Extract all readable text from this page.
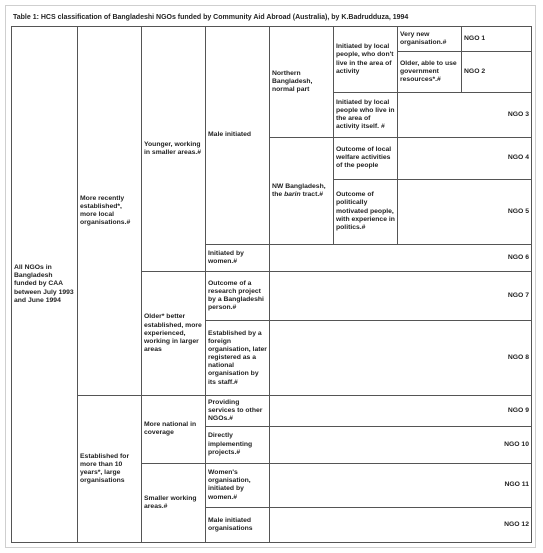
Table 1: HCS classification of Bangladeshi NGOs funded by Community Aid Abroad (Australia), by K.Badrudduza, 1994
All NGOs in Bangladesh funded by CAA between July 1993 and June 1994	More recently established*, more local organisations.#	Younger, working in smaller areas.#	Male initiated	Northern Bangladesh, normal part	Initiated by local people, who don't live in the area of activity	Very new organisation.#	NGO 1
						Older, able to use government resources*.#	NGO 2
					Initiated by local people who live in the area of activity itself. #	NGO 3	
				NW Bangladesh, the barin tract.#	Outcome of local welfare activities of the people	NGO 4	
					Outcome of politically motivated people, with experience in politics.#	NGO 5	
			Initiated by women.#	NGO 6			
		Older* better established, more experienced, working in larger areas	Outcome of a research project by a Bangladeshi person.#	NGO 7			
			Established by a foreign organisation, later registered as a national organisation by its staff.#	NGO 8			
	Established for more than 10 years*, large organisations	More national in coverage	Providing services to other NGOs.#	NGO 9			
			Directly implementing projects.#	NGO 10			
		Smaller working areas.#	Women's organisation, initiated by women.#	NGO 11			
			Male initiated organisations	NGO 12			
